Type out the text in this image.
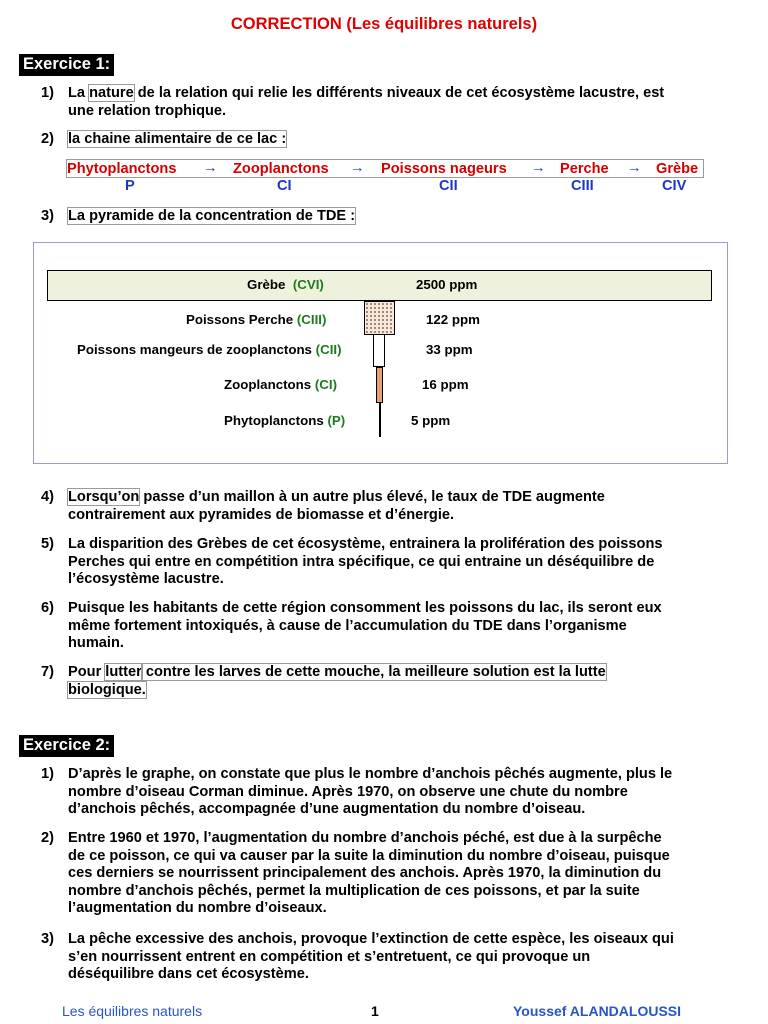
CORRECTION (Les équilibres naturels)
Exercice 1:
1) La nature de la relation qui relie les différents niveaux de cet écosystème lacustre, est
une relation trophique.
2) la chaine alimentaire de ce lac :
Phytoplanctons → Zooplanctons → Poissons nageurs → Perche → Grèbe
P	CI	CII	CIII	CIV
3) La pyramide de la concentration de TDE :
Grèbe (CVI)	2500 ppm
Poissons Perche (CIII)	122 ppm
Poissons mangeurs de zooplanctons (CII)	33 ppm
Zooplanctons (CI)	16 ppm
Phytoplanctons (P)	5 ppm
4) Lorsqu’on passe d’un maillon à un autre plus élevé, le taux de TDE augmente
contrairement aux pyramides de biomasse et d’énergie.
5) La disparition des Grèbes de cet écosystème, entrainera la prolifération des poissons
Perches qui entre en compétition intra spécifique, ce qui entraine un déséquilibre de
l’écosystème lacustre.
6) Puisque les habitants de cette région consomment les poissons du lac, ils seront eux
même fortement intoxiqués, à cause de l’accumulation du TDE dans l’organisme
humain.
7) Pour lutter contre les larves de cette mouche, la meilleure solution est la lutte
biologique.
Exercice 2:
1) D’après le graphe, on constate que plus le nombre d’anchois pêchés augmente, plus le
nombre d’oiseau Corman diminue. Après 1970, on observe une chute du nombre
d’anchois pêchés, accompagnée d’une augmentation du nombre d’oiseau.
2) Entre 1960 et 1970, l’augmentation du nombre d’anchois péché, est due à la surpêche
de ce poisson, ce qui va causer par la suite la diminution du nombre d’oiseau, puisque
ces derniers se nourrissent principalement des anchois. Après 1970, la diminution du
nombre d’anchois pêchés, permet la multiplication de ces poissons, et par la suite
l’augmentation du nombre d’oiseaux.
3) La pêche excessive des anchois, provoque l’extinction de cette espèce, les oiseaux qui
s’en nourrissent entrent en compétition et s’entretuent, ce qui provoque un
déséquilibre dans cet écosystème.
Les équilibres naturels	1	Youssef ALANDALOUSSI
